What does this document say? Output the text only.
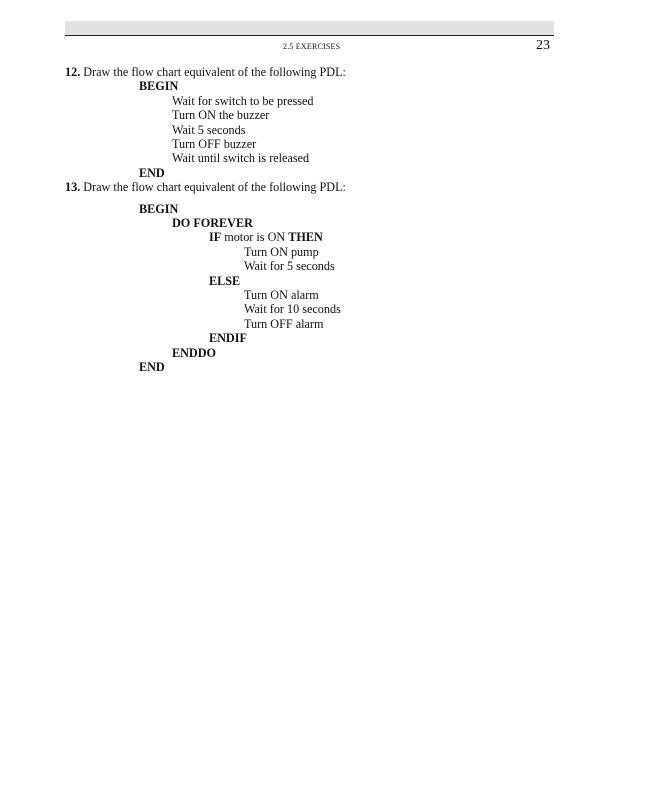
2.5 EXERCISES	23
12. Draw the flow chart equivalent of the following PDL:
BEGIN
Wait for switch to be pressed
Turn ON the buzzer
Wait 5 seconds
Turn OFF buzzer
Wait until switch is released
END
13. Draw the flow chart equivalent of the following PDL:
BEGIN
DO FOREVER
IF motor is ON THEN
Turn ON pump
Wait for 5 seconds
ELSE
Turn ON alarm
Wait for 10 seconds
Turn OFF alarm
ENDIF
ENDDO
END
